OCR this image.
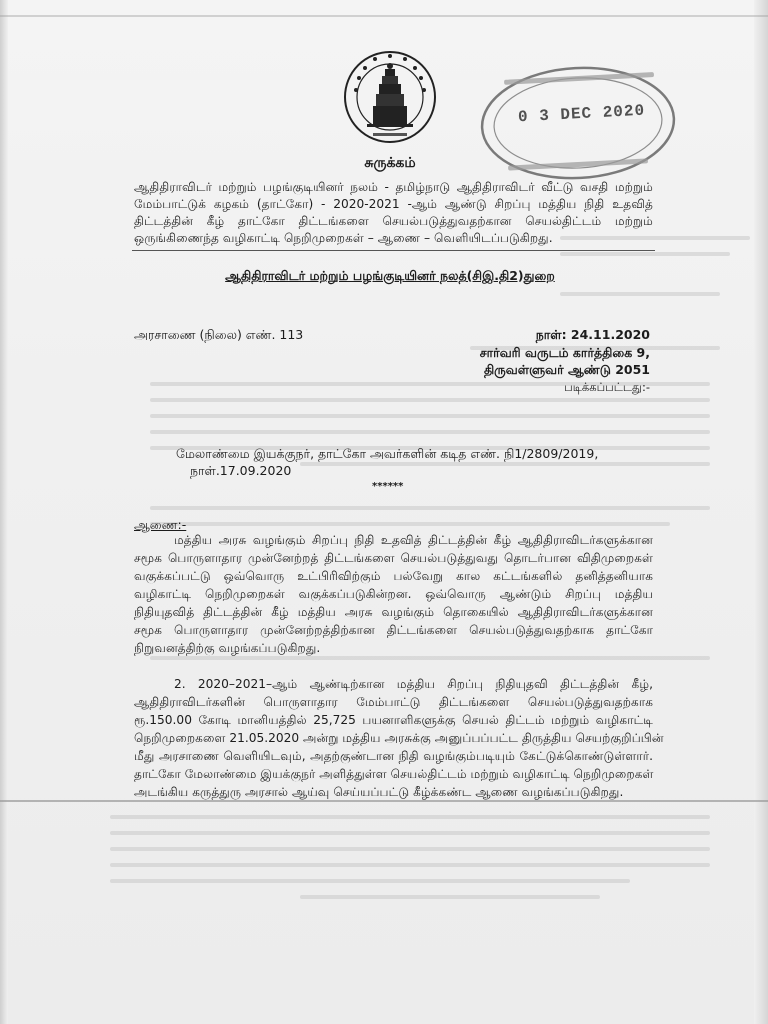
0 3 DEC 2020
சுருக்கம்
ஆதிதிராவிடர் மற்றும் பழங்குடியினர் நலம் - தமிழ்நாடு ஆதிதிராவிடர் வீட்டு வசதி மற்றும்
மேம்பாட்டுக் கழகம் (தாட்கோ) - 2020-2021 -ஆம் ஆண்டு சிறப்பு மத்திய நிதி உதவித்
திட்டத்தின் கீழ் தாட்கோ திட்டங்களை செயல்படுத்துவதற்கான செயல்திட்டம் மற்றும்
ஒருங்கிணைந்த வழிகாட்டி நெறிமுறைகள் – ஆணை – வெளியிடப்படுகிறது.
ஆதிதிராவிடர் மற்றும் பழங்குடியினர் நலத்(சிஇ.தி2)துறை
அரசாணை (நிலை) எண். 113	நாள்: 24.11.2020
சார்வரி வருடம் கார்த்திகை 9,
திருவள்ளுவர் ஆண்டு 2051
படிக்கப்பட்டது:-
மேலாண்மை இயக்குநர், தாட்கோ அவர்களின் கடித எண். நி1/2809/2019,
நாள்.17.09.2020
******
ஆணை:-
மத்திய அரசு வழங்கும் சிறப்பு நிதி உதவித் திட்டத்தின் கீழ் ஆதிதிராவிடர்களுக்கான
சமூக பொருளாதார முன்னேற்றத் திட்டங்களை செயல்படுத்துவது தொடர்பான விதிமுறைகள்
வகுக்கப்பட்டு ஒவ்வொரு உட்பிரிவிற்கும் பல்வேறு கால கட்டங்களில் தனித்தனியாக
வழிகாட்டி நெறிமுறைகள் வகுக்கப்படுகின்றன. ஒவ்வொரு ஆண்டும் சிறப்பு மத்திய
நிதியுதவித் திட்டத்தின் கீழ் மத்திய அரசு வழங்கும் தொகையில் ஆதிதிராவிடர்களுக்கான
சமூக பொருளாதார முன்னேற்றத்திற்கான திட்டங்களை செயல்படுத்துவதற்காக தாட்கோ
நிறுவனத்திற்கு வழங்கப்படுகிறது.
2. 2020–2021–ஆம் ஆண்டிற்கான மத்திய சிறப்பு நிதியுதவி திட்டத்தின் கீழ்,
ஆதிதிராவிடர்களின் பொருளாதார மேம்பாட்டு திட்டங்களை செயல்படுத்துவதற்காக
ரூ.150.00 கோடி மானியத்தில் 25,725 பயனாளிகளுக்கு செயல் திட்டம் மற்றும் வழிகாட்டி
நெறிமுறைகளை 21.05.2020 அன்று மத்திய அரசுக்கு அனுப்பப்பட்ட திருத்திய செயற்குறிப்பின்
மீது அரசாணை வெளியிடவும், அதற்குண்டான நிதி வழங்கும்படியும் கேட்டுக்கொண்டுள்ளார்.
தாட்கோ மேலாண்மை இயக்குநர் அளித்துள்ள செயல்திட்டம் மற்றும் வழிகாட்டி நெறிமுறைகள்
அடங்கிய கருத்துரு அரசால் ஆய்வு செய்யப்பட்டு கீழ்க்கண்ட ஆணை வழங்கப்படுகிறது.
